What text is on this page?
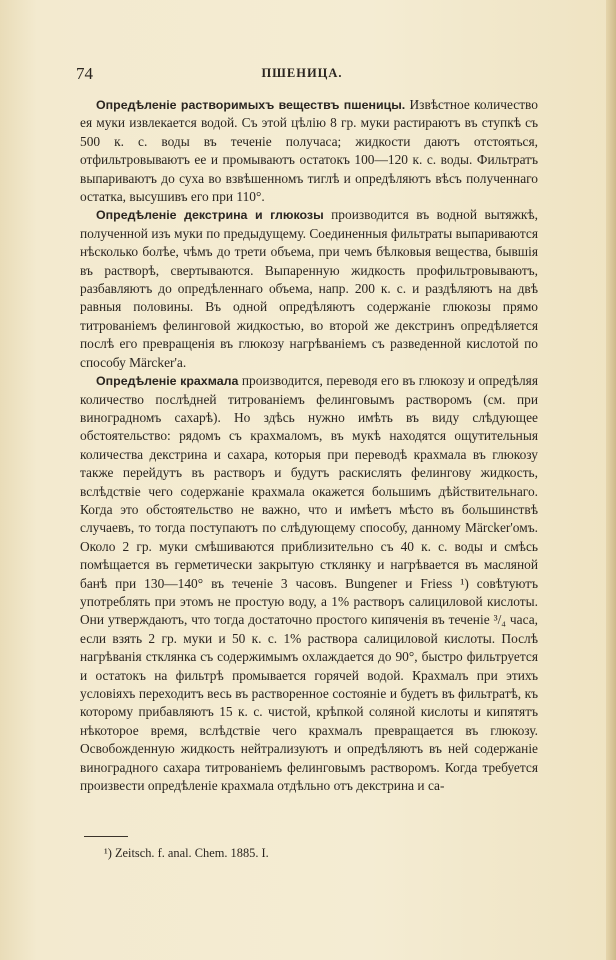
74	ПШЕНИЦА.

Опредѣленіе растворимыхъ веществъ пшеницы. Извѣстное количество ея муки извлекается водой. Съ этой цѣлію 8 гр. муки растираютъ въ ступкѣ съ 500 к. с. воды въ теченіе получаса; жидкости даютъ отстояться, отфильтровываютъ ее и промываютъ остатокъ 100—120 к. с. воды. Фильтратъ выпариваютъ до суха во взвѣшенномъ тиглѣ и опредѣляютъ вѣсъ полученнаго остатка, высушивъ его при 110°.

Опредѣленіе декстрина и глюкозы производится въ водной вытяжкѣ, полученной изъ муки по предыдущему. Соединенныя фильтраты выпариваются нѣсколько болѣе, чѣмъ до трети объема, при чемъ бѣлковыя вещества, бывшія въ растворѣ, свертываются. Выпаренную жидкость профильтровываютъ, разбавляютъ до опредѣленнаго объема, напр. 200 к. с. и раздѣляютъ на двѣ равныя половины. Въ одной опредѣляютъ содержаніе глюкозы прямо титрованіемъ фелинговой жидкостью, во второй же декстринъ опредѣляется послѣ его превращенія въ глюкозу нагрѣваніемъ съ разведенной кислотой по способу Märcker'а.

Опредѣленіе крахмала производится, переводя его въ глюкозу и опредѣляя количество послѣдней титрованіемъ фелинговымъ растворомъ (см. при виноградномъ сахарѣ). Но здѣсь нужно имѣть въ виду слѣдующее обстоятельство: рядомъ съ крахмаломъ, въ мукѣ находятся ощутительныя количества декстрина и сахара, которыя при переводѣ крахмала въ глюкозу также перейдутъ въ растворъ и будутъ раскислять фелингову жидкость, вслѣдствіе чего содержаніе крахмала окажется большимъ дѣйствительнаго. Когда это обстоятельство не важно, что и имѣетъ мѣсто въ большинствѣ случаевъ, то тогда поступаютъ по слѣдующему способу, данному Märcker'омъ. Около 2 гр. муки смѣшиваются приблизительно съ 40 к. с. воды и смѣсь помѣщается въ герметически закрытую стклянку и нагрѣвается въ масляной банѣ при 130—140° въ теченіе 3 часовъ. Bungener и Friess ¹) совѣтуютъ употреблять при этомъ не простую воду, а 1% растворъ салициловой кислоты. Они утверждаютъ, что тогда достаточно простого кипяченія въ теченіе ³/₄ часа, если взять 2 гр. муки и 50 к. с. 1% раствора салициловой кислоты. Послѣ нагрѣванія стклянка съ содержимымъ охлаждается до 90°, быстро фильтруется и остатокъ на фильтрѣ промывается горячей водой. Крахмалъ при этихъ условіяхъ переходитъ весь въ растворенное состояніе и будетъ въ фильтратѣ, къ которому прибавляютъ 15 к. с. чистой, крѣпкой соляной кислоты и кипятятъ нѣкоторое время, вслѣдствіе чего крахмалъ превращается въ глюкозу. Освобожденную жидкость нейтрализуютъ и опредѣляютъ въ ней содержаніе виноградного сахара титрованіемъ фелинговымъ растворомъ. Когда требуется произвести опредѣленіе крахмала отдѣльно отъ декстрина и са-

¹) Zeitsch. f. anal. Chem. 1885. I.
